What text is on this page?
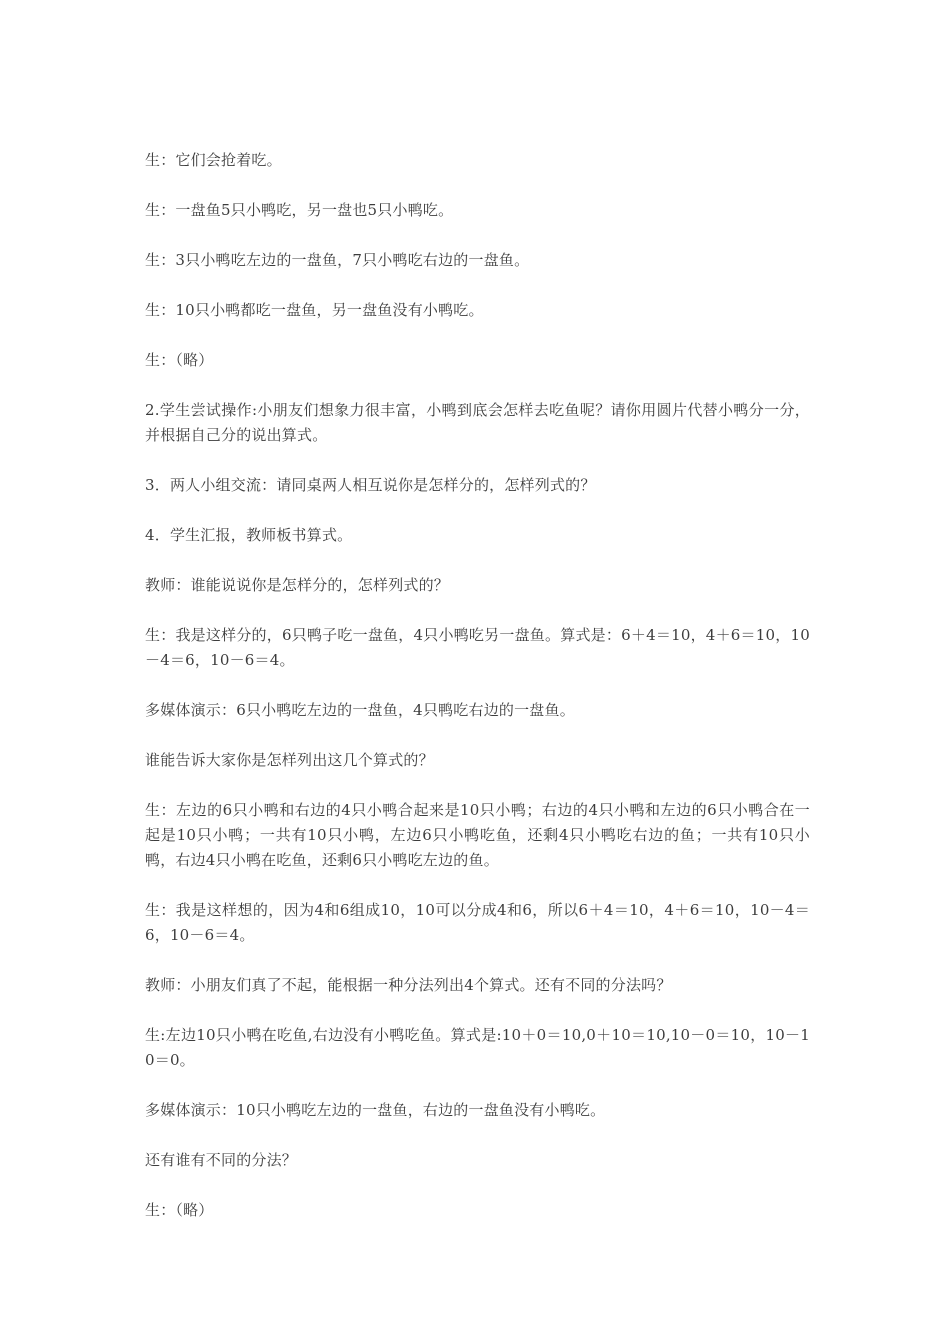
生：它们会抢着吃。

生：一盘鱼5只小鸭吃，另一盘也5只小鸭吃。

生：3只小鸭吃左边的一盘鱼，7只小鸭吃右边的一盘鱼。

生：10只小鸭都吃一盘鱼，另一盘鱼没有小鸭吃。

生：（略）

2.学生尝试操作:小朋友们想象力很丰富，小鸭到底会怎样去吃鱼呢？请你用圆片代替小鸭分一分，并根据自己分的说出算式。

3．两人小组交流：请同桌两人相互说你是怎样分的，怎样列式的？

4．学生汇报，教师板书算式。

教师：谁能说说你是怎样分的，怎样列式的？

生：我是这样分的，6只鸭子吃一盘鱼，4只小鸭吃另一盘鱼。算式是：6＋4＝10，4＋6＝10，10－4＝6，10－6＝4。

多媒体演示：6只小鸭吃左边的一盘鱼，4只鸭吃右边的一盘鱼。

谁能告诉大家你是怎样列出这几个算式的？

生：左边的6只小鸭和右边的4只小鸭合起来是10只小鸭；右边的4只小鸭和左边的6只小鸭合在一起是10只小鸭；一共有10只小鸭，左边6只小鸭吃鱼，还剩4只小鸭吃右边的鱼；一共有10只小鸭，右边4只小鸭在吃鱼，还剩6只小鸭吃左边的鱼。

生：我是这样想的，因为4和6组成10，10可以分成4和6，所以6＋4＝10，4＋6＝10，10－4＝6，10－6＝4。

教师：小朋友们真了不起，能根据一种分法列出4个算式。还有不同的分法吗？

生:左边10只小鸭在吃鱼,右边没有小鸭吃鱼。算式是:10＋0＝10,0＋10＝10,10－0＝10，10－10＝0。

多媒体演示：10只小鸭吃左边的一盘鱼，右边的一盘鱼没有小鸭吃。

还有谁有不同的分法？

生：（略）
